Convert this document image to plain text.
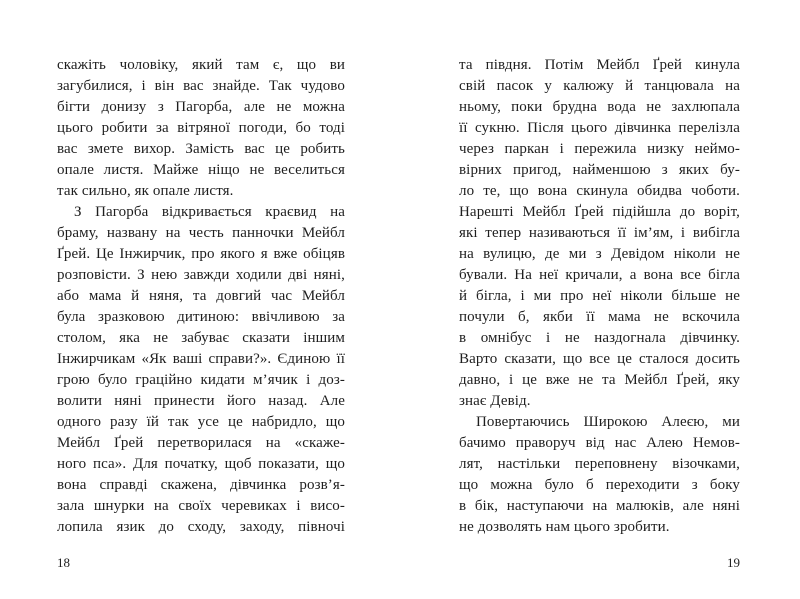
скажіть чоловіку, який там є, що ви
загубилися, і він вас знайде. Так чудово
бігти донизу з Пагорба, але не можна
цього робити за вітряної погоди, бо тоді
вас змете вихор. Замість вас це робить
опале листя. Майже ніщо не веселиться
так сильно, як опале листя.
З Пагорба відкривається краєвид на
браму, названу на честь панночки Мейбл
Ґрей. Це Інжирчик, про якого я вже обіцяв
розповісти. З нею завжди ходили дві няні,
або мама й няня, та довгий час Мейбл
була зразковою дитиною: ввічливою за
столом, яка не забуває сказати іншим
Інжирчикам «Як ваші справи?». Єдиною її
грою було граційно кидати м’ячик і доз-
волити няні принести його назад. Але
одного разу їй так усе це набридло, що
Мейбл Ґрей перетворилася на «скаже-
ного пса». Для початку, щоб показати, що
вона справді скажена, дівчинка розв’я-
зала шнурки на своїх черевиках і висо-
лопила язик до сходу, заходу, півночі
18
та півдня. Потім Мейбл Ґрей кинула
свій пасок у калюжу й танцювала на
ньому, поки брудна вода не захлюпала
її сукню. Після цього дівчинка перелізла
через паркан і пережила низку неймо-
вірних пригод, найменшою з яких бу-
ло те, що вона скинула обидва чоботи.
Нарешті Мейбл Ґрей підійшла до воріт,
які тепер називаються її ім’ям, і вибігла
на вулицю, де ми з Девідом ніколи не
бували. На неї кричали, а вона все бігла
й бігла, і ми про неї ніколи більше не
почули б, якби її мама не вскочила
в омнібус і не наздогнала дівчинку.
Варто сказати, що все це сталося досить
давно, і це вже не та Мейбл Ґрей, яку
знає Девід.
Повертаючись Широкою Алеєю, ми
бачимо праворуч від нас Алею Немов-
лят, настільки переповнену візочками,
що можна було б переходити з боку
в бік, наступаючи на малюків, але няні
не дозволять нам цього зробити.
19
